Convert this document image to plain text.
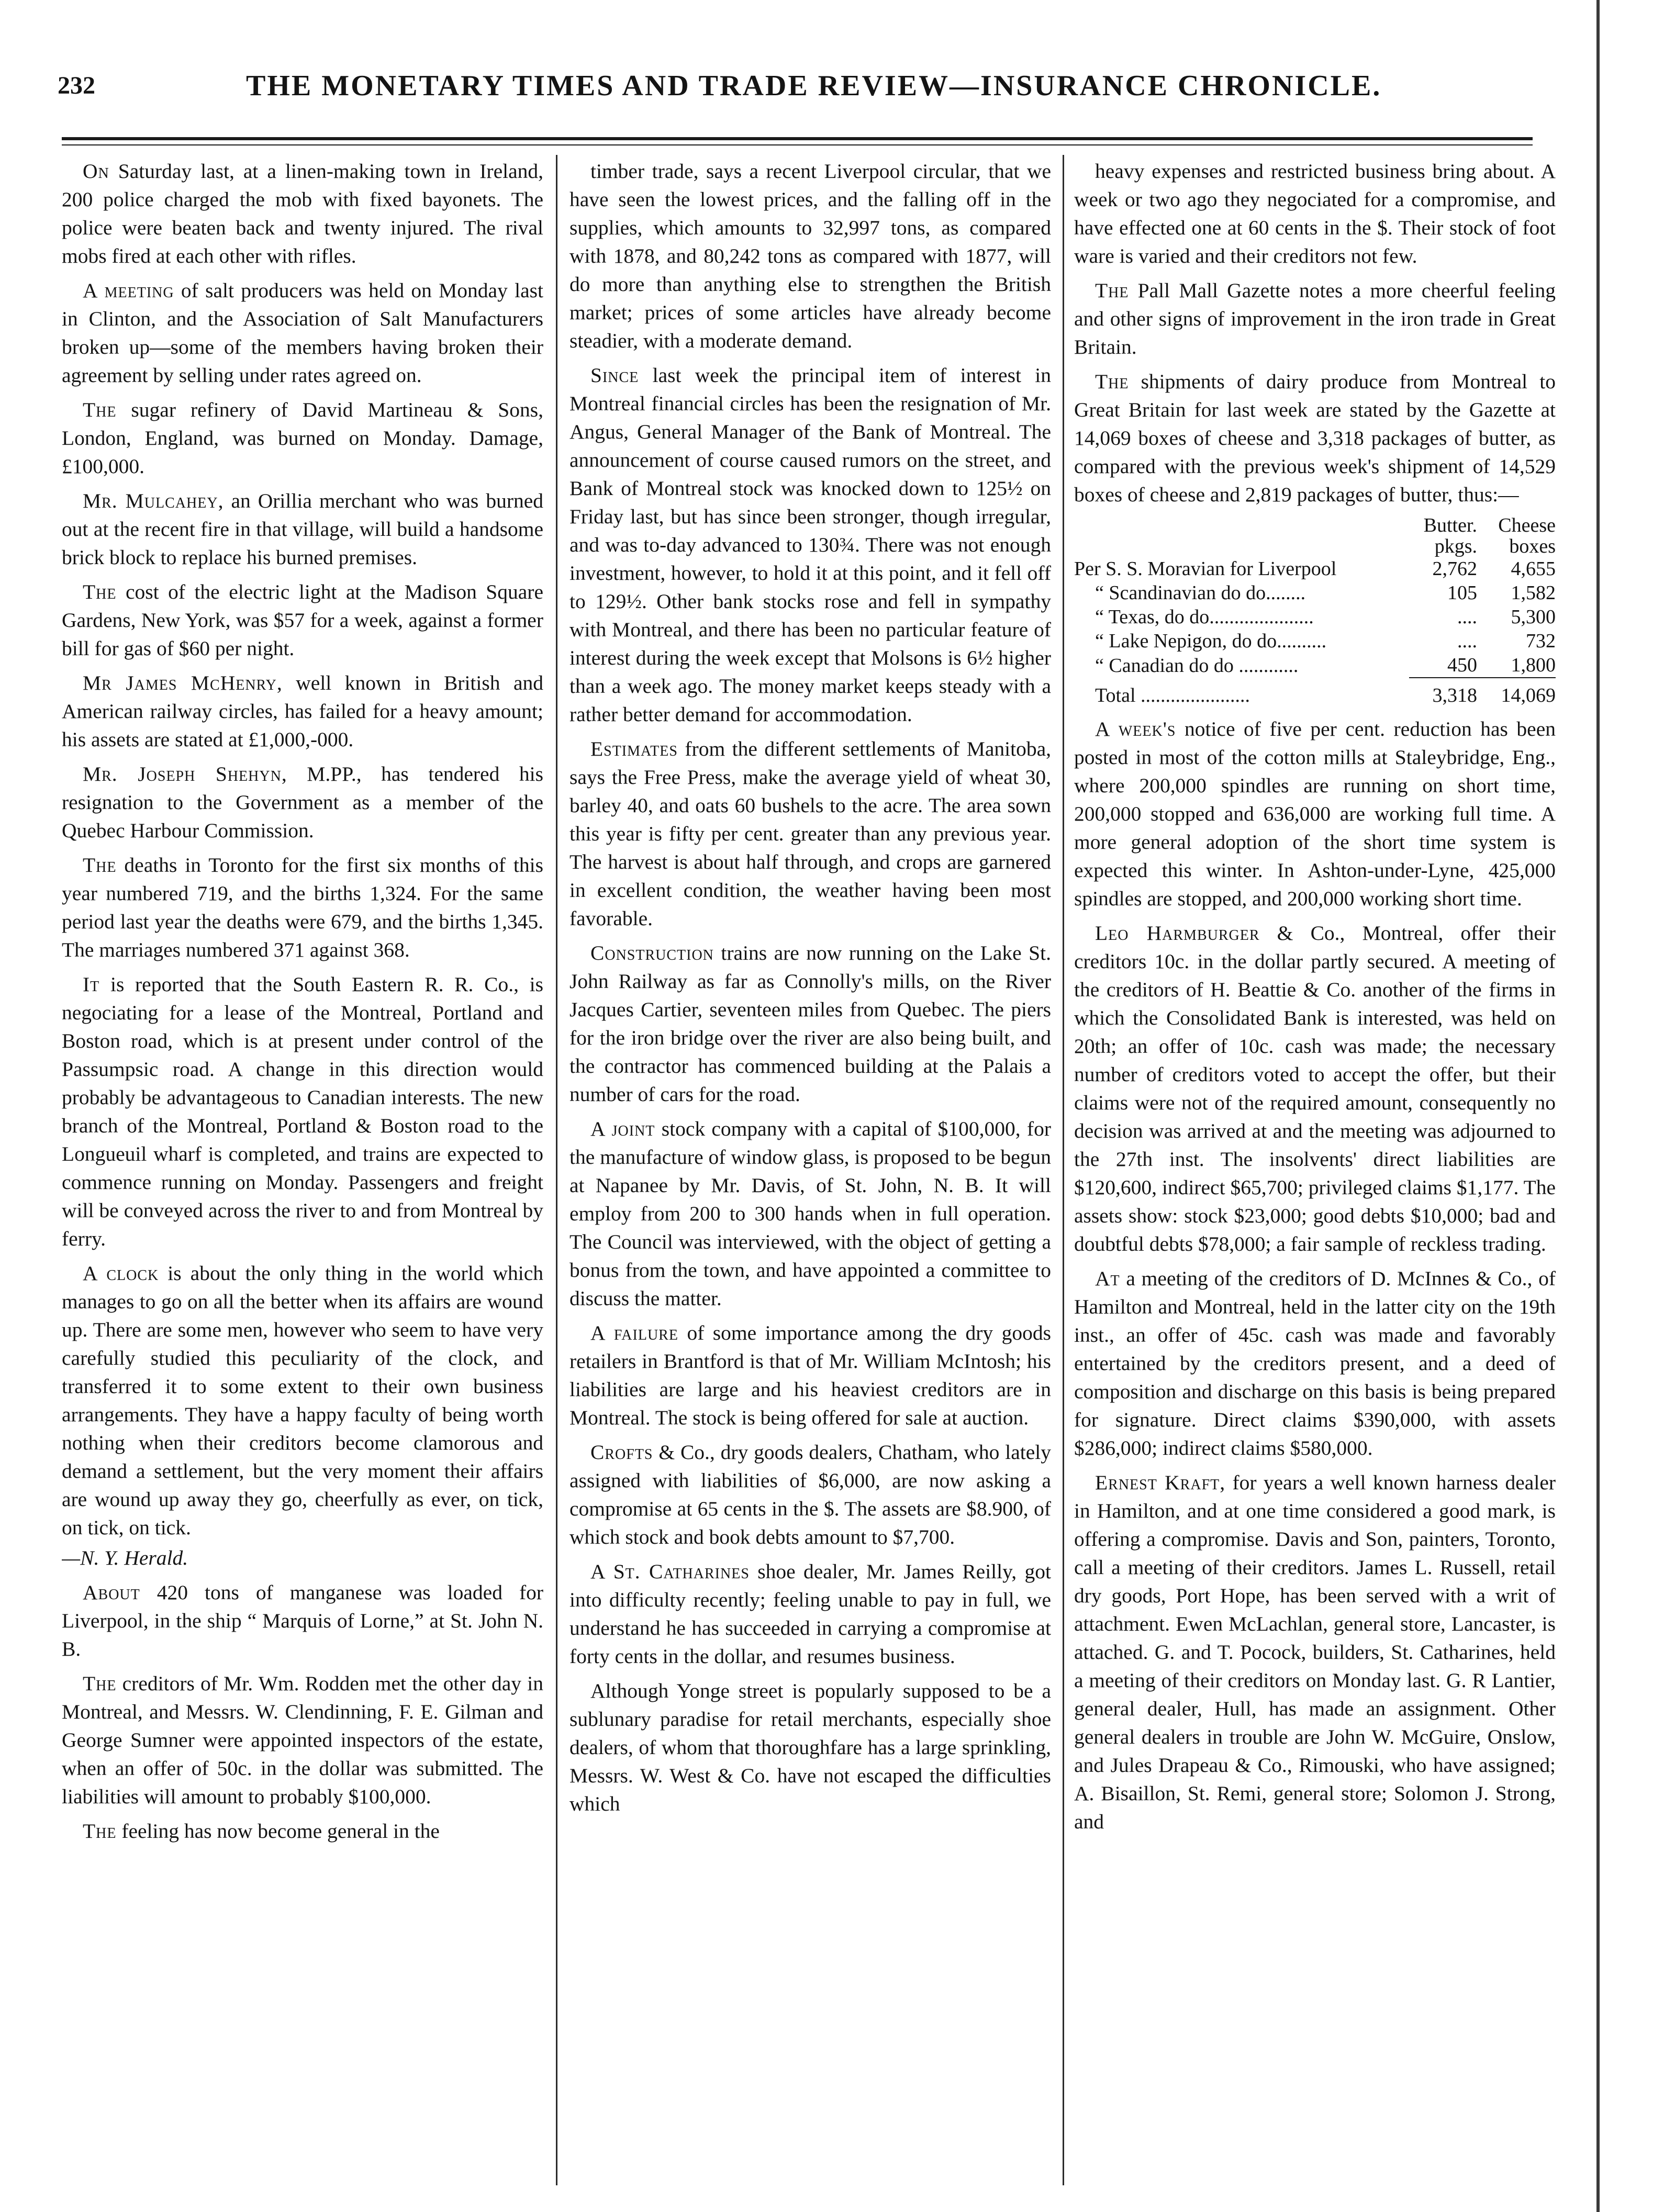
232	THE MONETARY TIMES AND TRADE REVIEW—INSURANCE CHRONICLE.

On Saturday last, at a linen-making town in Ireland, 200 police charged the mob with fixed bayonets. The police were beaten back and twenty injured. The rival mobs fired at each other with rifles.

A meeting of salt producers was held on Monday last in Clinton, and the Association of Salt Manufacturers broken up—some of the members having broken their agreement by selling under rates agreed on.

The sugar refinery of David Martineau & Sons, London, England, was burned on Monday. Damage, £100,000.

Mr. Mulcahey, an Orillia merchant who was burned out at the recent fire in that village, will build a handsome brick block to replace his burned premises.

The cost of the electric light at the Madison Square Gardens, New York, was $57 for a week, against a former bill for gas of $60 per night.

Mr James McHenry, well known in British and American railway circles, has failed for a heavy amount; his assets are stated at £1,000,-000.

Mr. Joseph Shehyn, M.PP., has tendered his resignation to the Government as a member of the Quebec Harbour Commission.

The deaths in Toronto for the first six months of this year numbered 719, and the births 1,324. For the same period last year the deaths were 679, and the births 1,345. The marriages numbered 371 against 368.

It is reported that the South Eastern R. R. Co., is negociating for a lease of the Montreal, Portland and Boston road, which is at present under control of the Passumpsic road. A change in this direction would probably be advantageous to Canadian interests. The new branch of the Montreal, Portland & Boston road to the Longueuil wharf is completed, and trains are expected to commence running on Monday. Passengers and freight will be conveyed across the river to and from Montreal by ferry.

A clock is about the only thing in the world which manages to go on all the better when its affairs are wound up. There are some men, however who seem to have very carefully studied this peculiarity of the clock, and transferred it to some extent to their own business arrangements. They have a happy faculty of being worth nothing when their creditors become clamorous and demand a settlement, but the very moment their affairs are wound up away they go, cheerfully as ever, on tick, on tick, on tick.

—N. Y. Herald.

About 420 tons of manganese was loaded for Liverpool, in the ship “ Marquis of Lorne,” at St. John N. B.

The creditors of Mr. Wm. Rodden met the other day in Montreal, and Messrs. W. Clendinning, F. E. Gilman and George Sumner were appointed inspectors of the estate, when an offer of 50c. in the dollar was submitted. The liabilities will amount to probably $100,000.

The feeling has now become general in the

timber trade, says a recent Liverpool circular, that we have seen the lowest prices, and the falling off in the supplies, which amounts to 32,997 tons, as compared with 1878, and 80,242 tons as compared with 1877, will do more than anything else to strengthen the British market; prices of some articles have already become steadier, with a moderate demand.

Since last week the principal item of interest in Montreal financial circles has been the resignation of Mr. Angus, General Manager of the Bank of Montreal. The announcement of course caused rumors on the street, and Bank of Montreal stock was knocked down to 125½ on Friday last, but has since been stronger, though irregular, and was to-day advanced to 130¾. There was not enough investment, however, to hold it at this point, and it fell off to 129½. Other bank stocks rose and fell in sympathy with Montreal, and there has been no particular feature of interest during the week except that Molsons is 6½ higher than a week ago. The money market keeps steady with a rather better demand for accommodation.

Estimates from the different settlements of Manitoba, says the Free Press, make the average yield of wheat 30, barley 40, and oats 60 bushels to the acre. The area sown this year is fifty per cent. greater than any previous year. The harvest is about half through, and crops are garnered in excellent condition, the weather having been most favorable.

Construction trains are now running on the Lake St. John Railway as far as Connolly's mills, on the River Jacques Cartier, seventeen miles from Quebec. The piers for the iron bridge over the river are also being built, and the contractor has commenced building at the Palais a number of cars for the road.

A joint stock company with a capital of $100,000, for the manufacture of window glass, is proposed to be begun at Napanee by Mr. Davis, of St. John, N. B. It will employ from 200 to 300 hands when in full operation. The Council was interviewed, with the object of getting a bonus from the town, and have appointed a committee to discuss the matter.

A failure of some importance among the dry goods retailers in Brantford is that of Mr. William McIntosh; his liabilities are large and his heaviest creditors are in Montreal. The stock is being offered for sale at auction.

Crofts & Co., dry goods dealers, Chatham, who lately assigned with liabilities of $6,000, are now asking a compromise at 65 cents in the $. The assets are $8.900, of which stock and book debts amount to $7,700.

A St. Catharines shoe dealer, Mr. James Reilly, got into difficulty recently; feeling unable to pay in full, we understand he has succeeded in carrying a compromise at forty cents in the dollar, and resumes business.

Although Yonge street is popularly supposed to be a sublunary paradise for retail merchants, especially shoe dealers, of whom that thoroughfare has a large sprinkling, Messrs. W. West & Co. have not escaped the difficulties which

heavy expenses and restricted business bring about. A week or two ago they negociated for a compromise, and have effected one at 60 cents in the $. Their stock of foot ware is varied and their creditors not few.

The Pall Mall Gazette notes a more cheerful feeling and other signs of improvement in the iron trade in Great Britain.

The shipments of dairy produce from Montreal to Great Britain for last week are stated by the Gazette at 14,069 boxes of cheese and 3,318 packages of butter, as compared with the previous week's shipment of 14,529 boxes of cheese and 2,819 packages of butter, thus:—

	Butter.	Cheese
	pkgs.	boxes
Per S. S. Moravian for Liverpool	2,762	4,655
“ Scandinavian do do........	105	1,582
“ Texas, do do.....................	....	5,300
“ Lake Nepigon, do do..........	....	732
“ Canadian do do ............	450	1,800
Total ......................	3,318	14,069

A week's notice of five per cent. reduction has been posted in most of the cotton mills at Staleybridge, Eng., where 200,000 spindles are running on short time, 200,000 stopped and 636,000 are working full time. A more general adoption of the short time system is expected this winter. In Ashton-under-Lyne, 425,000 spindles are stopped, and 200,000 working short time.

Leo Harmburger & Co., Montreal, offer their creditors 10c. in the dollar partly secured. A meeting of the creditors of H. Beattie & Co. another of the firms in which the Consolidated Bank is interested, was held on 20th; an offer of 10c. cash was made; the necessary number of creditors voted to accept the offer, but their claims were not of the required amount, consequently no decision was arrived at and the meeting was adjourned to the 27th inst. The insolvents' direct liabilities are $120,600, indirect $65,700; privileged claims $1,177. The assets show: stock $23,000; good debts $10,000; bad and doubtful debts $78,000; a fair sample of reckless trading.

At a meeting of the creditors of D. McInnes & Co., of Hamilton and Montreal, held in the latter city on the 19th inst., an offer of 45c. cash was made and favorably entertained by the creditors present, and a deed of composition and discharge on this basis is being prepared for signature. Direct claims $390,000, with assets $286,000; indirect claims $580,000.

Ernest Kraft, for years a well known harness dealer in Hamilton, and at one time considered a good mark, is offering a compromise. Davis and Son, painters, Toronto, call a meeting of their creditors. James L. Russell, retail dry goods, Port Hope, has been served with a writ of attachment. Ewen McLachlan, general store, Lancaster, is attached. G. and T. Pocock, builders, St. Catharines, held a meeting of their creditors on Monday last. G. R Lantier, general dealer, Hull, has made an assignment. Other general dealers in trouble are John W. McGuire, Onslow, and Jules Drapeau & Co., Rimouski, who have assigned; A. Bisaillon, St. Remi, general store; Solomon J. Strong, and
